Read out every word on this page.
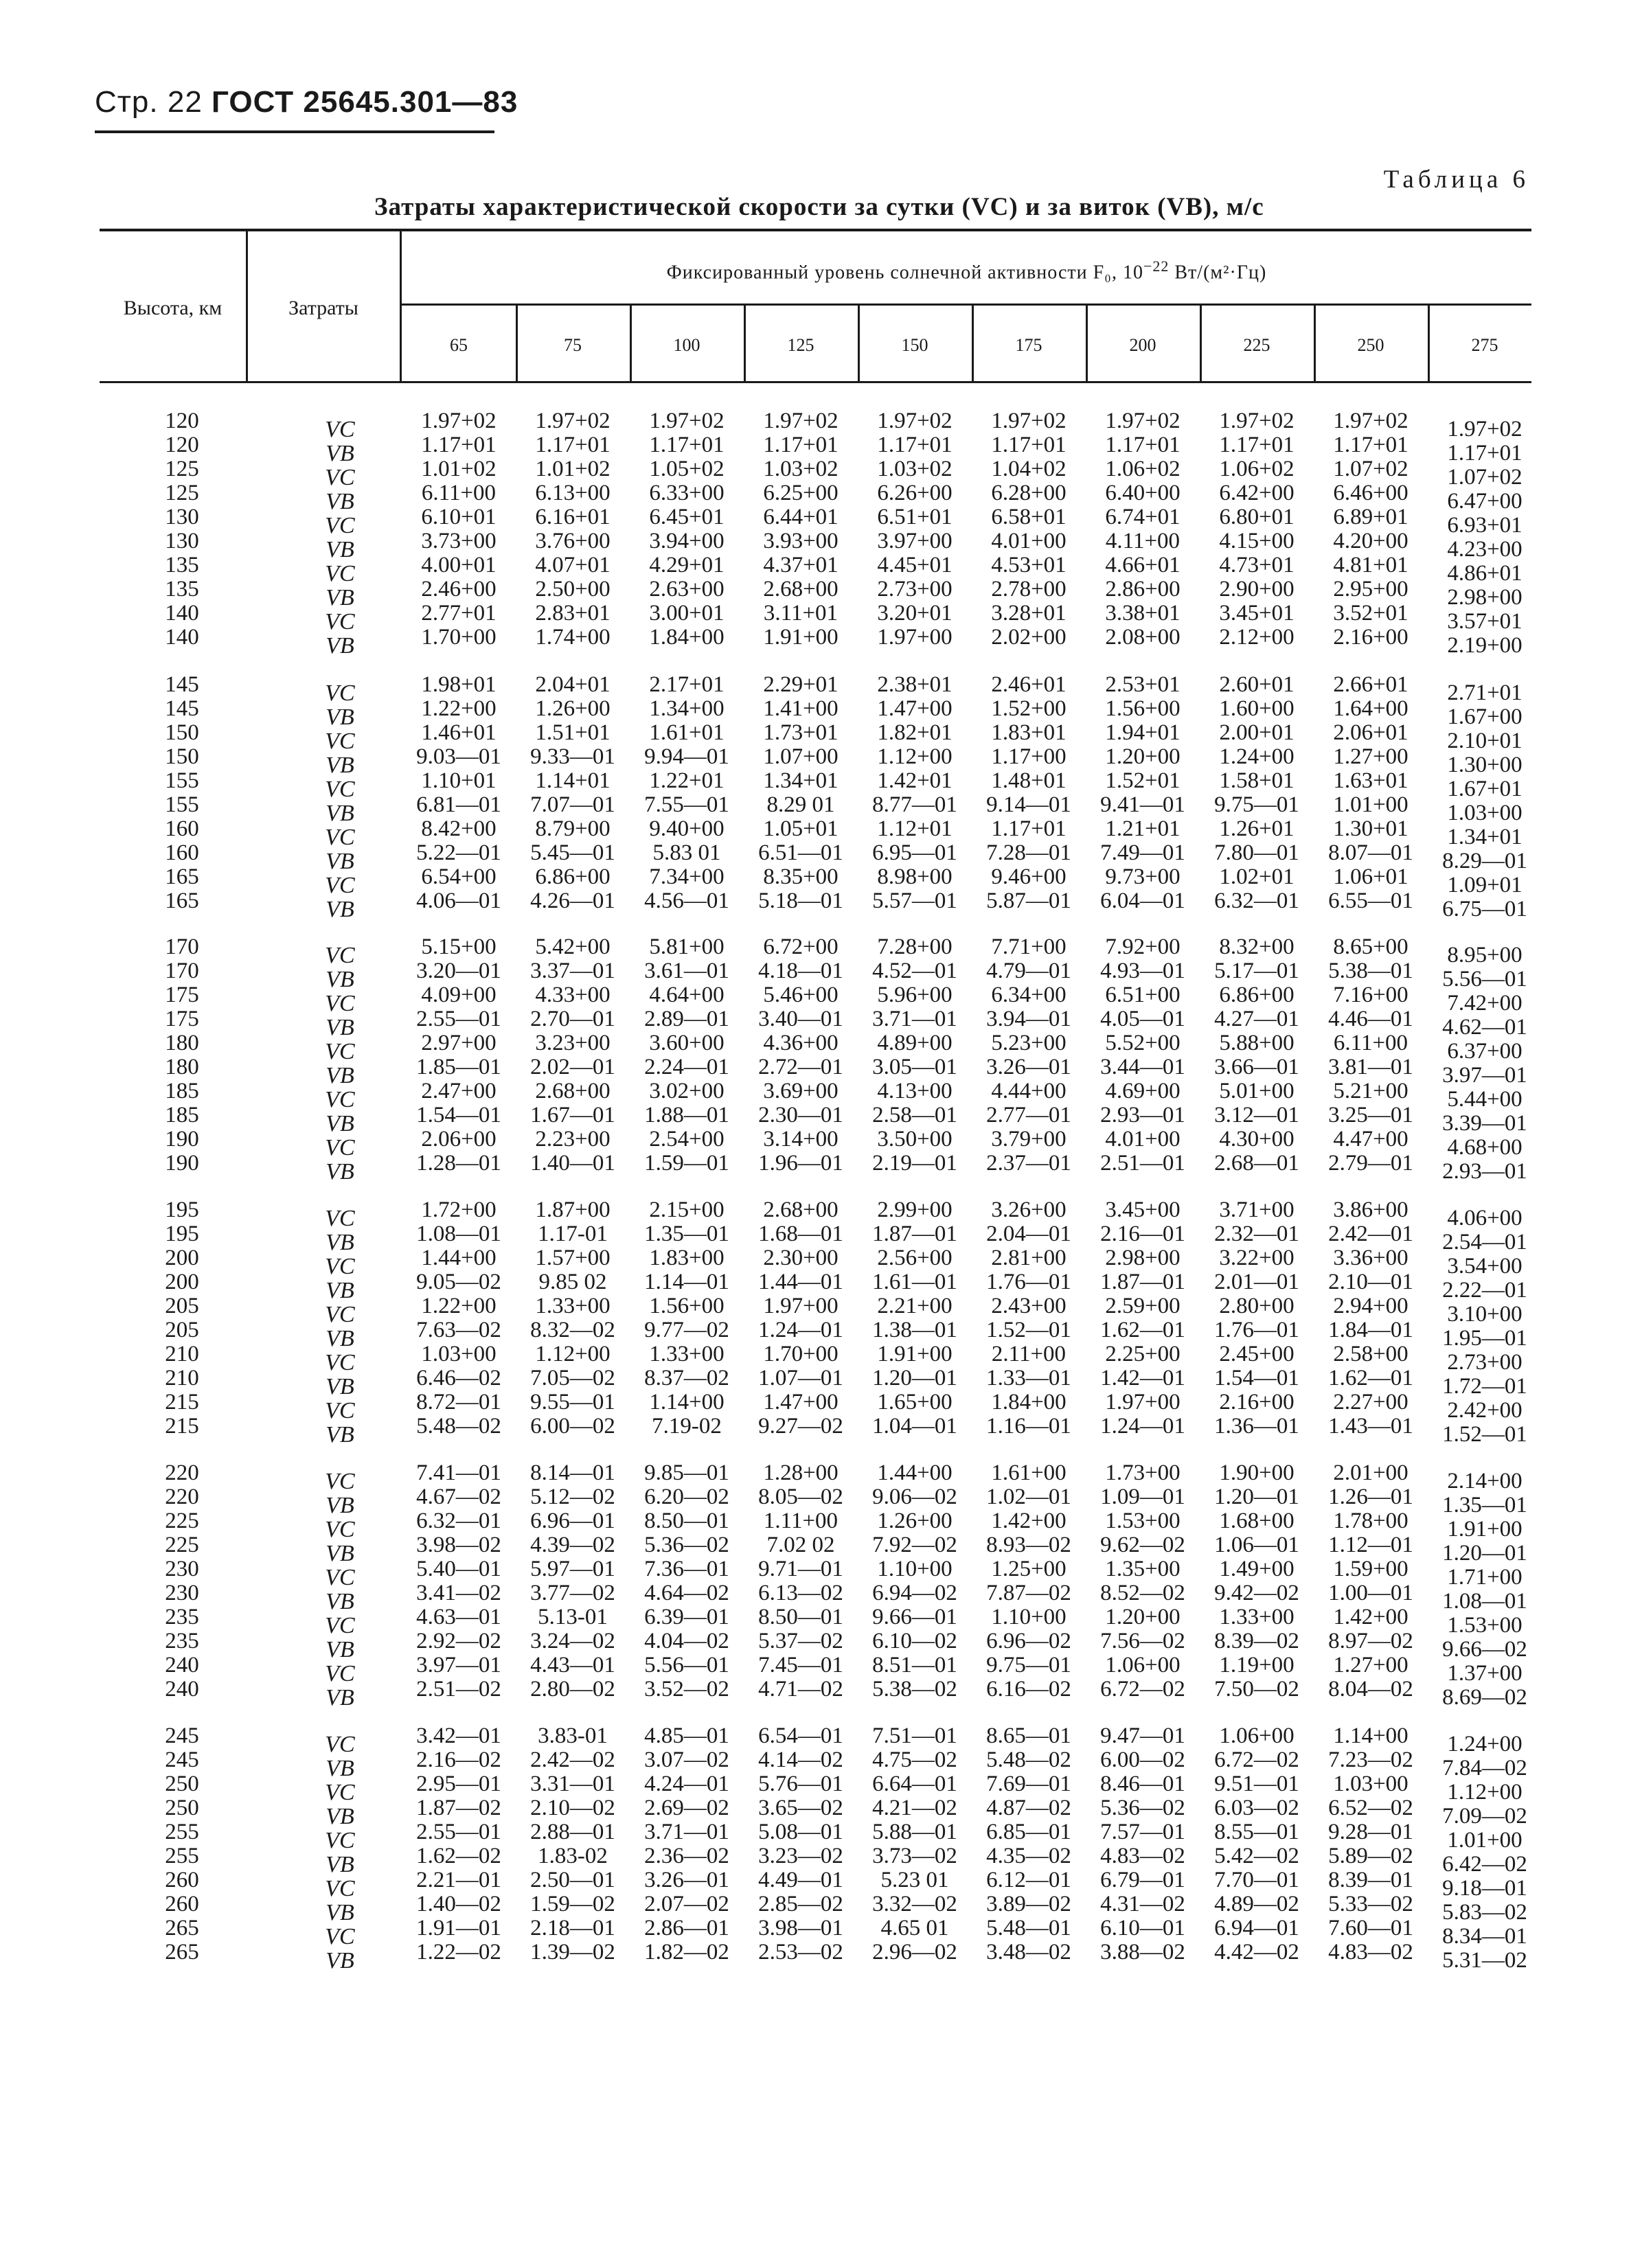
Стр. 22 ГОСТ 25645.301—83
Таблица 6
Затраты характеристической скорости за сутки (VC) и за виток (VB), м/с
Высота, км	Затраты
Фиксированный уровень солнечной активности F₀, $10^{-22}$ Вт/(м²·Гц)
65	75	100	125	150	175	200	225	250	275
120	VC	1.97+02	1.97+02	1.97+02	1.97+02	1.97+02	1.97+02	1.97+02	1.97+02	1.97+02	1.97+02
120	VB	1.17+01	1.17+01	1.17+01	1.17+01	1.17+01	1.17+01	1.17+01	1.17+01	1.17+01	1.17+01
125	VC	1.01+02	1.01+02	1.05+02	1.03+02	1.03+02	1.04+02	1.06+02	1.06+02	1.07+02	1.07+02
125	VB	6.11+00	6.13+00	6.33+00	6.25+00	6.26+00	6.28+00	6.40+00	6.42+00	6.46+00	6.47+00
130	VC	6.10+01	6.16+01	6.45+01	6.44+01	6.51+01	6.58+01	6.74+01	6.80+01	6.89+01	6.93+01
130	VB	3.73+00	3.76+00	3.94+00	3.93+00	3.97+00	4.01+00	4.11+00	4.15+00	4.20+00	4.23+00
135	VC	4.00+01	4.07+01	4.29+01	4.37+01	4.45+01	4.53+01	4.66+01	4.73+01	4.81+01	4.86+01
135	VB	2.46+00	2.50+00	2.63+00	2.68+00	2.73+00	2.78+00	2.86+00	2.90+00	2.95+00	2.98+00
140	VC	2.77+01	2.83+01	3.00+01	3.11+01	3.20+01	3.28+01	3.38+01	3.45+01	3.52+01	3.57+01
140	VB	1.70+00	1.74+00	1.84+00	1.91+00	1.97+00	2.02+00	2.08+00	2.12+00	2.16+00	2.19+00
145	VC	1.98+01	2.04+01	2.17+01	2.29+01	2.38+01	2.46+01	2.53+01	2.60+01	2.66+01	2.71+01
145	VB	1.22+00	1.26+00	1.34+00	1.41+00	1.47+00	1.52+00	1.56+00	1.60+00	1.64+00	1.67+00
150	VC	1.46+01	1.51+01	1.61+01	1.73+01	1.82+01	1.83+01	1.94+01	2.00+01	2.06+01	2.10+01
150	VB	9.03—01	9.33—01	9.94—01	1.07+00	1.12+00	1.17+00	1.20+00	1.24+00	1.27+00	1.30+00
155	VC	1.10+01	1.14+01	1.22+01	1.34+01	1.42+01	1.48+01	1.52+01	1.58+01	1.63+01	1.67+01
155	VB	6.81—01	7.07—01	7.55—01	8.29 01	8.77—01	9.14—01	9.41—01	9.75—01	1.01+00	1.03+00
160	VC	8.42+00	8.79+00	9.40+00	1.05+01	1.12+01	1.17+01	1.21+01	1.26+01	1.30+01	1.34+01
160	VB	5.22—01	5.45—01	5.83 01	6.51—01	6.95—01	7.28—01	7.49—01	7.80—01	8.07—01	8.29—01
165	VC	6.54+00	6.86+00	7.34+00	8.35+00	8.98+00	9.46+00	9.73+00	1.02+01	1.06+01	1.09+01
165	VB	4.06—01	4.26—01	4.56—01	5.18—01	5.57—01	5.87—01	6.04—01	6.32—01	6.55—01	6.75—01
170	VC	5.15+00	5.42+00	5.81+00	6.72+00	7.28+00	7.71+00	7.92+00	8.32+00	8.65+00	8.95+00
170	VB	3.20—01	3.37—01	3.61—01	4.18—01	4.52—01	4.79—01	4.93—01	5.17—01	5.38—01	5.56—01
175	VC	4.09+00	4.33+00	4.64+00	5.46+00	5.96+00	6.34+00	6.51+00	6.86+00	7.16+00	7.42+00
175	VB	2.55—01	2.70—01	2.89—01	3.40—01	3.71—01	3.94—01	4.05—01	4.27—01	4.46—01	4.62—01
180	VC	2.97+00	3.23+00	3.60+00	4.36+00	4.89+00	5.23+00	5.52+00	5.88+00	6.11+00	6.37+00
180	VB	1.85—01	2.02—01	2.24—01	2.72—01	3.05—01	3.26—01	3.44—01	3.66—01	3.81—01	3.97—01
185	VC	2.47+00	2.68+00	3.02+00	3.69+00	4.13+00	4.44+00	4.69+00	5.01+00	5.21+00	5.44+00
185	VB	1.54—01	1.67—01	1.88—01	2.30—01	2.58—01	2.77—01	2.93—01	3.12—01	3.25—01	3.39—01
190	VC	2.06+00	2.23+00	2.54+00	3.14+00	3.50+00	3.79+00	4.01+00	4.30+00	4.47+00	4.68+00
190	VB	1.28—01	1.40—01	1.59—01	1.96—01	2.19—01	2.37—01	2.51—01	2.68—01	2.79—01	2.93—01
195	VC	1.72+00	1.87+00	2.15+00	2.68+00	2.99+00	3.26+00	3.45+00	3.71+00	3.86+00	4.06+00
195	VB	1.08—01	1.17-01	1.35—01	1.68—01	1.87—01	2.04—01	2.16—01	2.32—01	2.42—01	2.54—01
200	VC	1.44+00	1.57+00	1.83+00	2.30+00	2.56+00	2.81+00	2.98+00	3.22+00	3.36+00	3.54+00
200	VB	9.05—02	9.85 02	1.14—01	1.44—01	1.61—01	1.76—01	1.87—01	2.01—01	2.10—01	2.22—01
205	VC	1.22+00	1.33+00	1.56+00	1.97+00	2.21+00	2.43+00	2.59+00	2.80+00	2.94+00	3.10+00
205	VB	7.63—02	8.32—02	9.77—02	1.24—01	1.38—01	1.52—01	1.62—01	1.76—01	1.84—01	1.95—01
210	VC	1.03+00	1.12+00	1.33+00	1.70+00	1.91+00	2.11+00	2.25+00	2.45+00	2.58+00	2.73+00
210	VB	6.46—02	7.05—02	8.37—02	1.07—01	1.20—01	1.33—01	1.42—01	1.54—01	1.62—01	1.72—01
215	VC	8.72—01	9.55—01	1.14+00	1.47+00	1.65+00	1.84+00	1.97+00	2.16+00	2.27+00	2.42+00
215	VB	5.48—02	6.00—02	7.19-02	9.27—02	1.04—01	1.16—01	1.24—01	1.36—01	1.43—01	1.52—01
220	VC	7.41—01	8.14—01	9.85—01	1.28+00	1.44+00	1.61+00	1.73+00	1.90+00	2.01+00	2.14+00
220	VB	4.67—02	5.12—02	6.20—02	8.05—02	9.06—02	1.02—01	1.09—01	1.20—01	1.26—01	1.35—01
225	VC	6.32—01	6.96—01	8.50—01	1.11+00	1.26+00	1.42+00	1.53+00	1.68+00	1.78+00	1.91+00
225	VB	3.98—02	4.39—02	5.36—02	7.02 02	7.92—02	8.93—02	9.62—02	1.06—01	1.12—01	1.20—01
230	VC	5.40—01	5.97—01	7.36—01	9.71—01	1.10+00	1.25+00	1.35+00	1.49+00	1.59+00	1.71+00
230	VB	3.41—02	3.77—02	4.64—02	6.13—02	6.94—02	7.87—02	8.52—02	9.42—02	1.00—01	1.08—01
235	VC	4.63—01	5.13-01	6.39—01	8.50—01	9.66—01	1.10+00	1.20+00	1.33+00	1.42+00	1.53+00
235	VB	2.92—02	3.24—02	4.04—02	5.37—02	6.10—02	6.96—02	7.56—02	8.39—02	8.97—02	9.66—02
240	VC	3.97—01	4.43—01	5.56—01	7.45—01	8.51—01	9.75—01	1.06+00	1.19+00	1.27+00	1.37+00
240	VB	2.51—02	2.80—02	3.52—02	4.71—02	5.38—02	6.16—02	6.72—02	7.50—02	8.04—02	8.69—02
245	VC	3.42—01	3.83-01	4.85—01	6.54—01	7.51—01	8.65—01	9.47—01	1.06+00	1.14+00	1.24+00
245	VB	2.16—02	2.42—02	3.07—02	4.14—02	4.75—02	5.48—02	6.00—02	6.72—02	7.23—02	7.84—02
250	VC	2.95—01	3.31—01	4.24—01	5.76—01	6.64—01	7.69—01	8.46—01	9.51—01	1.03+00	1.12+00
250	VB	1.87—02	2.10—02	2.69—02	3.65—02	4.21—02	4.87—02	5.36—02	6.03—02	6.52—02	7.09—02
255	VC	2.55—01	2.88—01	3.71—01	5.08—01	5.88—01	6.85—01	7.57—01	8.55—01	9.28—01	1.01+00
255	VB	1.62—02	1.83-02	2.36—02	3.23—02	3.73—02	4.35—02	4.83—02	5.42—02	5.89—02	6.42—02
260	VC	2.21—01	2.50—01	3.26—01	4.49—01	5.23 01	6.12—01	6.79—01	7.70—01	8.39—01	9.18—01
260	VB	1.40—02	1.59—02	2.07—02	2.85—02	3.32—02	3.89—02	4.31—02	4.89—02	5.33—02	5.83—02
265	VC	1.91—01	2.18—01	2.86—01	3.98—01	4.65 01	5.48—01	6.10—01	6.94—01	7.60—01	8.34—01
265	VB	1.22—02	1.39—02	1.82—02	2.53—02	2.96—02	3.48—02	3.88—02	4.42—02	4.83—02	5.31—02
